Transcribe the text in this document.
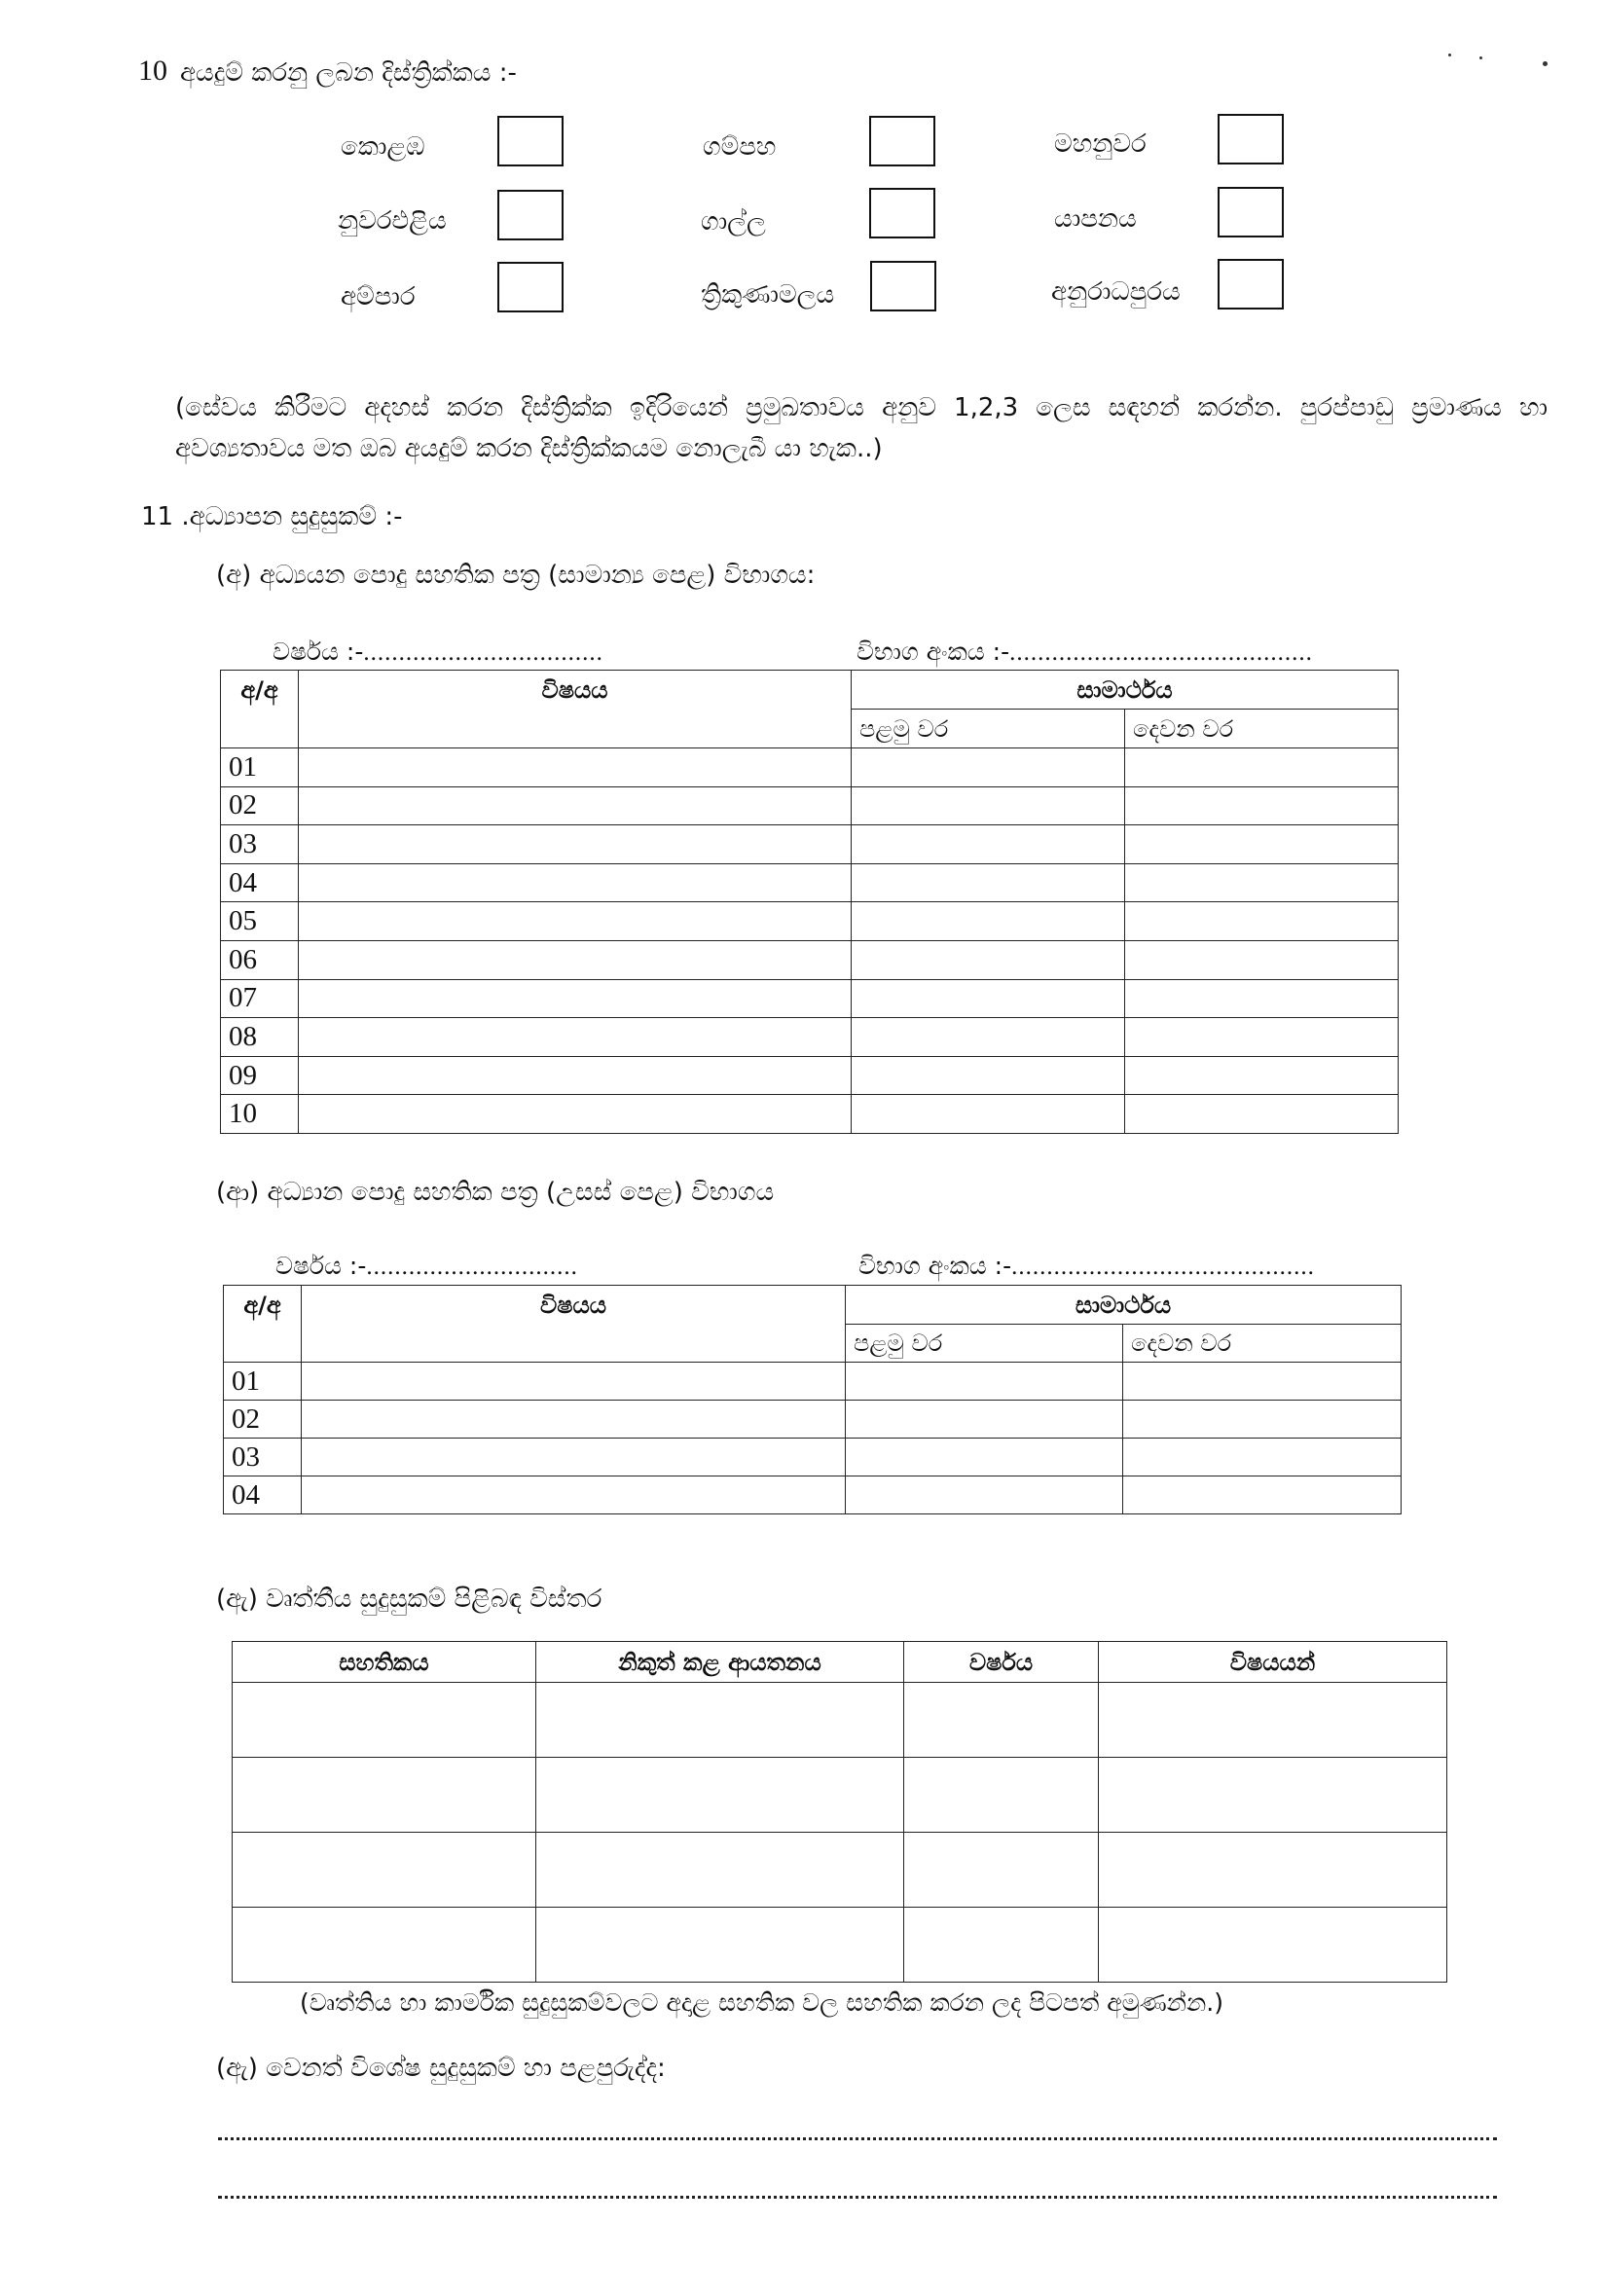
10 අයදුම් කරනු ලබන දිස්ත්‍රික්කය :-
කොළඹ	ගම්පහ	මහනුවර
නුවරඑළිය	ගාල්ල	යාපනය
අම්පාර	ත්‍රිකුණාමලය	අනුරාධපුරය
(සේවය කිරීමට අදහස් කරන දිස්ත්‍රික්ක ඉදිරියෙන් ප්‍රමුඛතාවය අනුව 1,2,3 ලෙස සඳහන් කරන්න. පුරප්පාඩු ප්‍රමාණය හා අවශ්‍යතාවය මත ඔබ අයදුම් කරන දිස්ත්‍රික්කයම නොලැබී යා හැක..)
11 .අධ්‍යාපන සුදුසුකම් :-
(අ) අධ්‍යයන පොදු සහතික පත්‍ර (සාමාන්‍ය පෙළ) විභාගය:
වර්ෂය :-..................................	විභාග අංකය :-...........................................
අ/අ	විෂයය	සාමාර්ථය	
		පළමු වර	දෙවන වර
01			
02			
03			
04			
05			
06			
07			
08			
09			
10			
(ආ) අධ්‍යාන පොදු සහතික පත්‍ර (උසස් පෙළ) විභාගය
වර්ෂය :-..............................	විභාග අංකය :-...........................................
අ/අ	විෂයය	සාමාර්ථය	
		පළමු වර	දෙවන වර
01			
02			
03			
04			
(ඇ) වෘත්තීය සුදුසුකම් පිළිබඳ විස්තර
සහතිකය	නිකුත් කළ ආයතනය	වර්ෂය	විෂයයන්

(වෘත්තිය හා කාර්මික සුදුසුකම්වලට අදාළ සහතික වල සහතික කරන ලද පිටපත් අමුණන්න.)
(ඇ) වෙනත් විශේෂ සුදුසුකම් හා පළපුරුද්ද:
